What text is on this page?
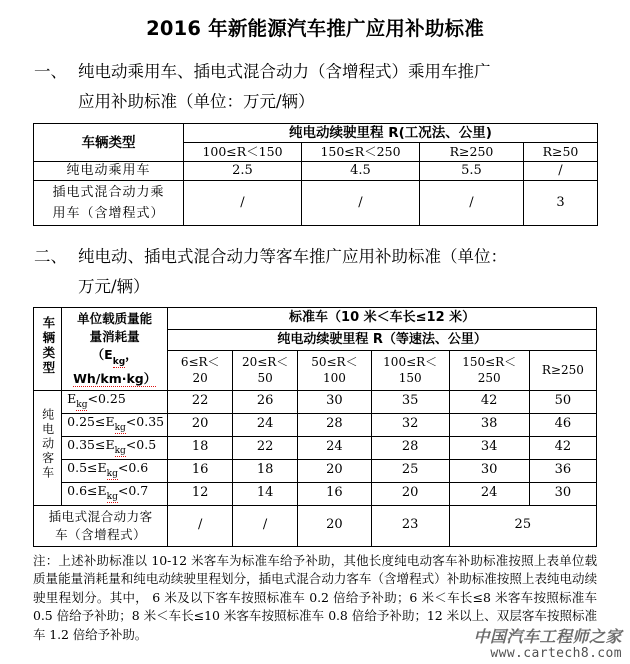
2016 年新能源汽车推广应用补助标准
一、 纯电动乘用车、插电式混合动力（含增程式）乘用车推广
应用补助标准（单位：万元/辆）
车辆类型	纯电动续驶里程 R(工况法、公里)			
	100≤R＜150	150≤R＜250	R≥250	R≥50
纯电动乘用车	2.5	4.5	5.5	/
插电式混合动力乘
用车（含增程式）	/	/	/	3
二、 纯电动、插电式混合动力等客车推广应用补助标准（单位：
万元/辆）
车辆类型	单位载质量能
量消耗量
（$E_{kg}$，
Wh/km·kg）	标准车（10 米＜车长≤12 米）					
		纯电动续驶里程 R（等速法、公里）					
		6≤R＜
20	20≤R＜
50	50≤R＜
100	100≤R＜
150	150≤R＜
250	R≥250
纯电动客车	$E_{kg}<0.25$	22	26	30	35	42	50
	$0.25\le E_{kg}<0.35$	20	24	28	32	38	46
	$0.35\le E_{kg}<0.5$	18	22	24	28	34	42
	$0.5\le E_{kg}<0.6$	16	18	20	25	30	36
	$0.6\le E_{kg}<0.7$	12	14	16	20	24	30
插电式混合动力客
车（含增程式）		/	/	20	23	25	
注：上述补助标准以 10-12 米客车为标准车给予补助，其他长度纯电动客车补助标准按照上表单位载质量能量消耗量和纯电动续驶里程划分，插电式混合动力客车（含增程式）补助标准按照上表纯电动续驶里程划分。其中， 6 米及以下客车按照标准车 0.2 倍给予补助；6 米＜车长≤8 米客车按照标准车 0.5 倍给予补助；8 米＜车长≤10 米客车按照标准车 0.8 倍给予补助；12 米以上、双层客车按照标准车 1.2 倍给予补助。	中国汽车工程师之家
www.cartech8.com
